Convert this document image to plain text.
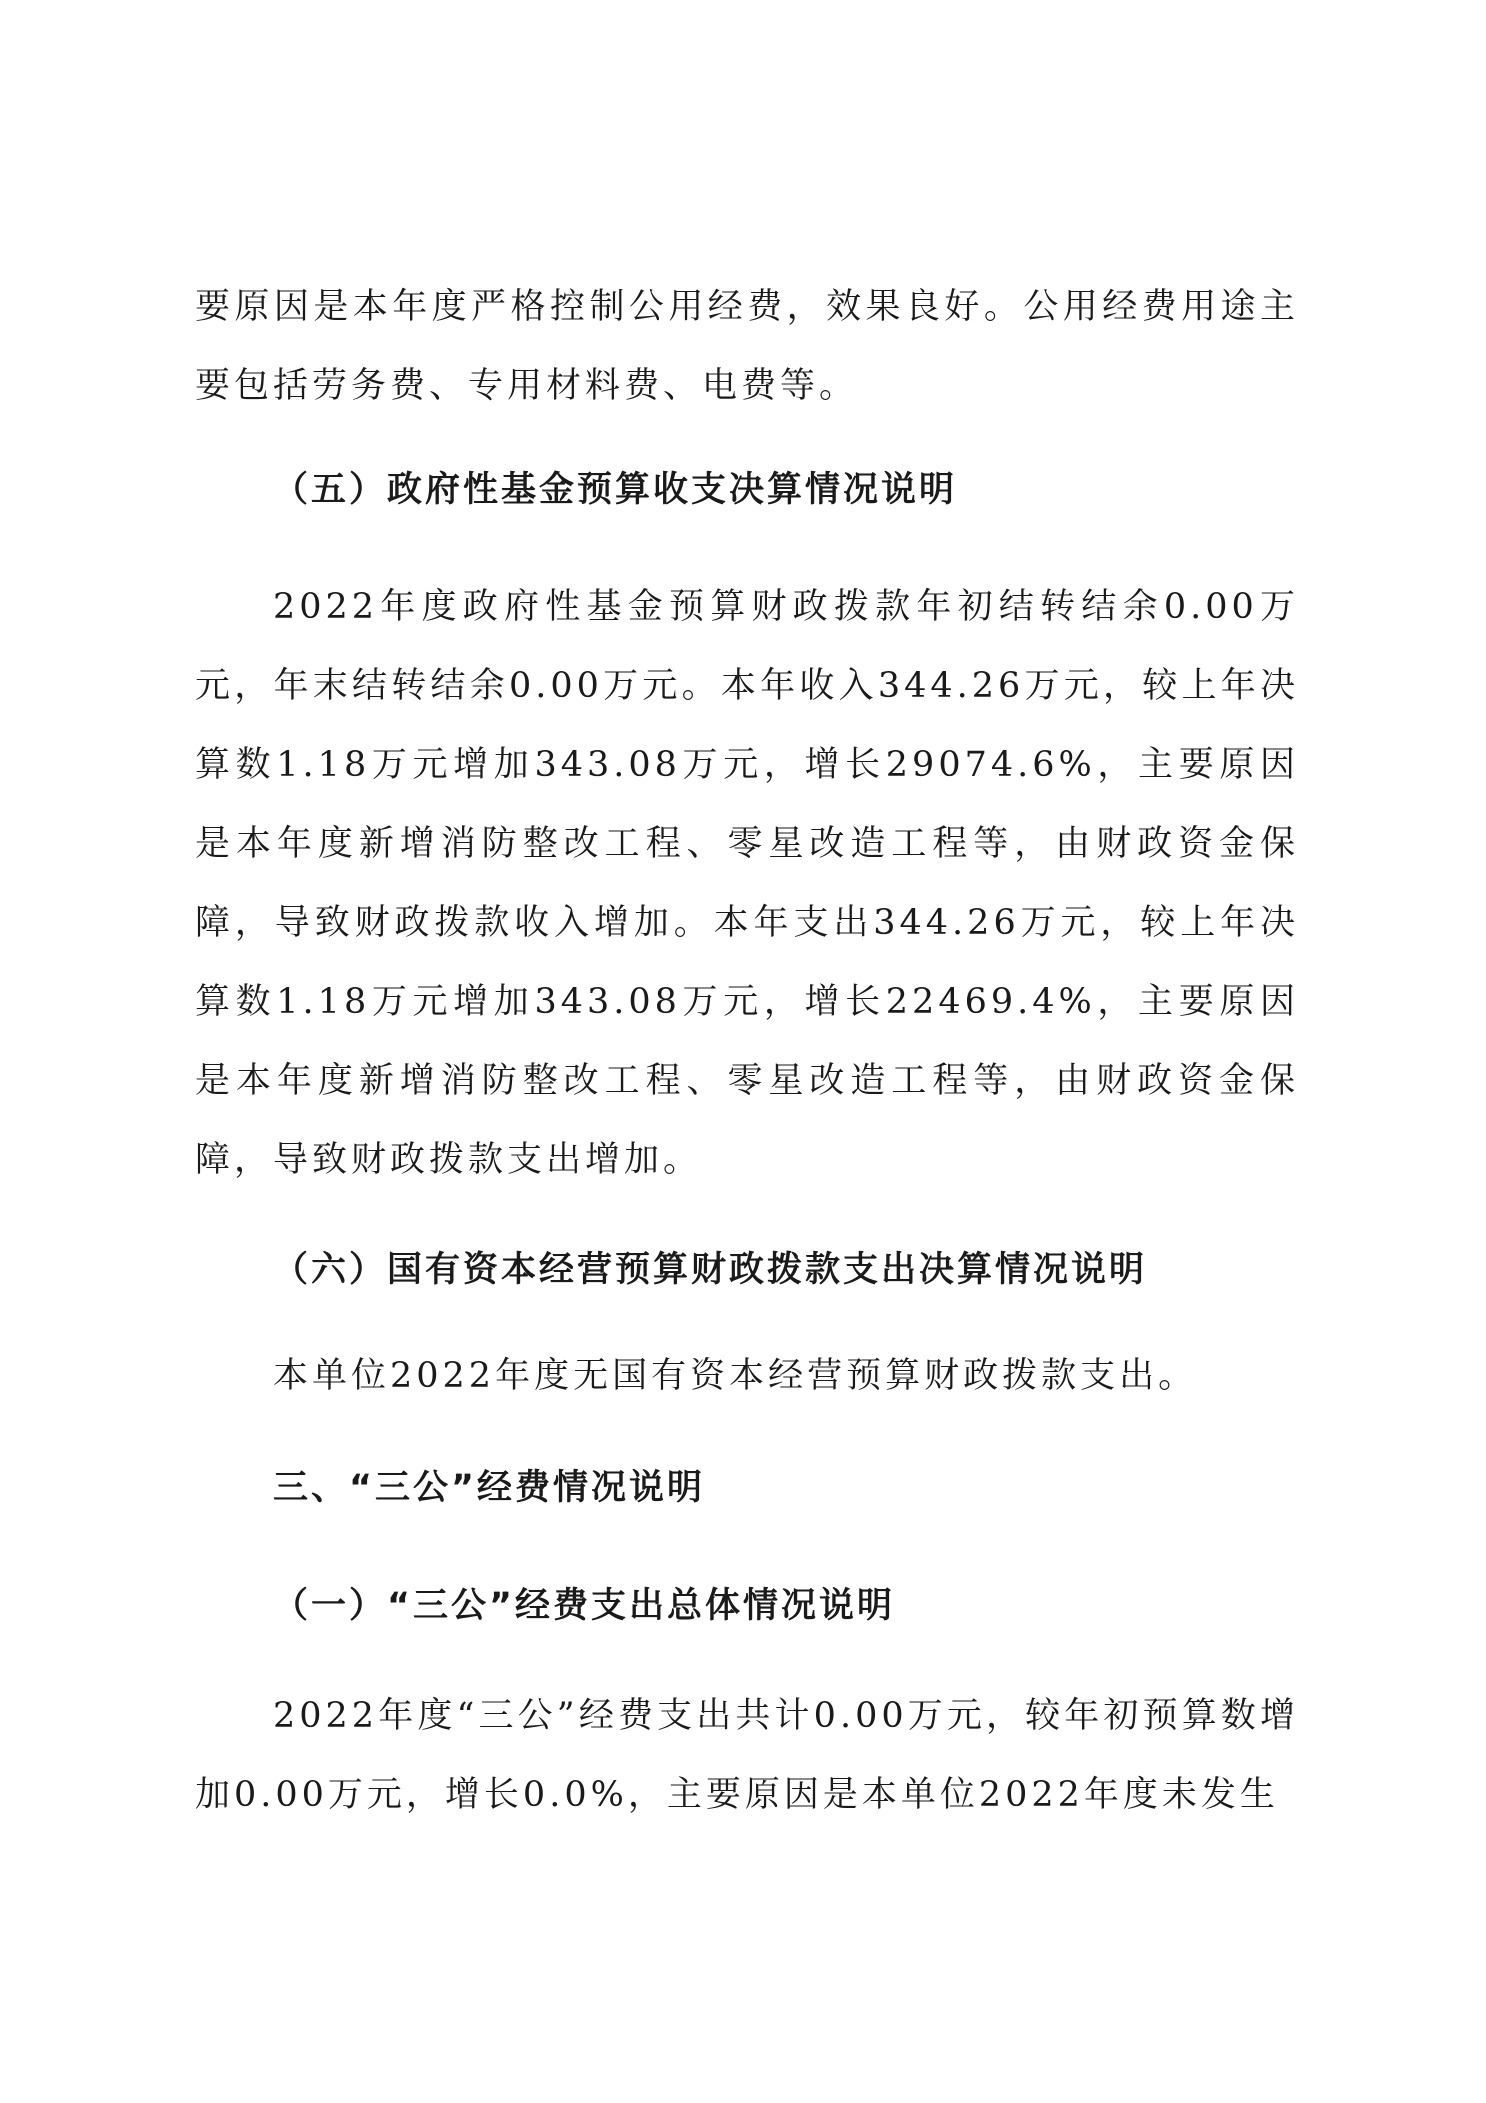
要原因是本年度严格控制公用经费，效果良好。公用经费用途主要包括劳务费、专用材料费、电费等。

（五）政府性基金预算收支决算情况说明

2022年度政府性基金预算财政拨款年初结转结余0.00万元，年末结转结余0.00万元。本年收入344.26万元，较上年决算数1.18万元增加343.08万元，增长29074.6%，主要原因是本年度新增消防整改工程、零星改造工程等，由财政资金保障，导致财政拨款收入增加。本年支出344.26万元，较上年决算数1.18万元增加343.08万元，增长22469.4%，主要原因是本年度新增消防整改工程、零星改造工程等，由财政资金保障，导致财政拨款支出增加。

（六）国有资本经营预算财政拨款支出决算情况说明

本单位2022年度无国有资本经营预算财政拨款支出。

三、“三公”经费情况说明
（一）“三公”经费支出总体情况说明

2022年度“三公”经费支出共计0.00万元，较年初预算数增加0.00万元，增长0.0%，主要原因是本单位2022年度未发生
